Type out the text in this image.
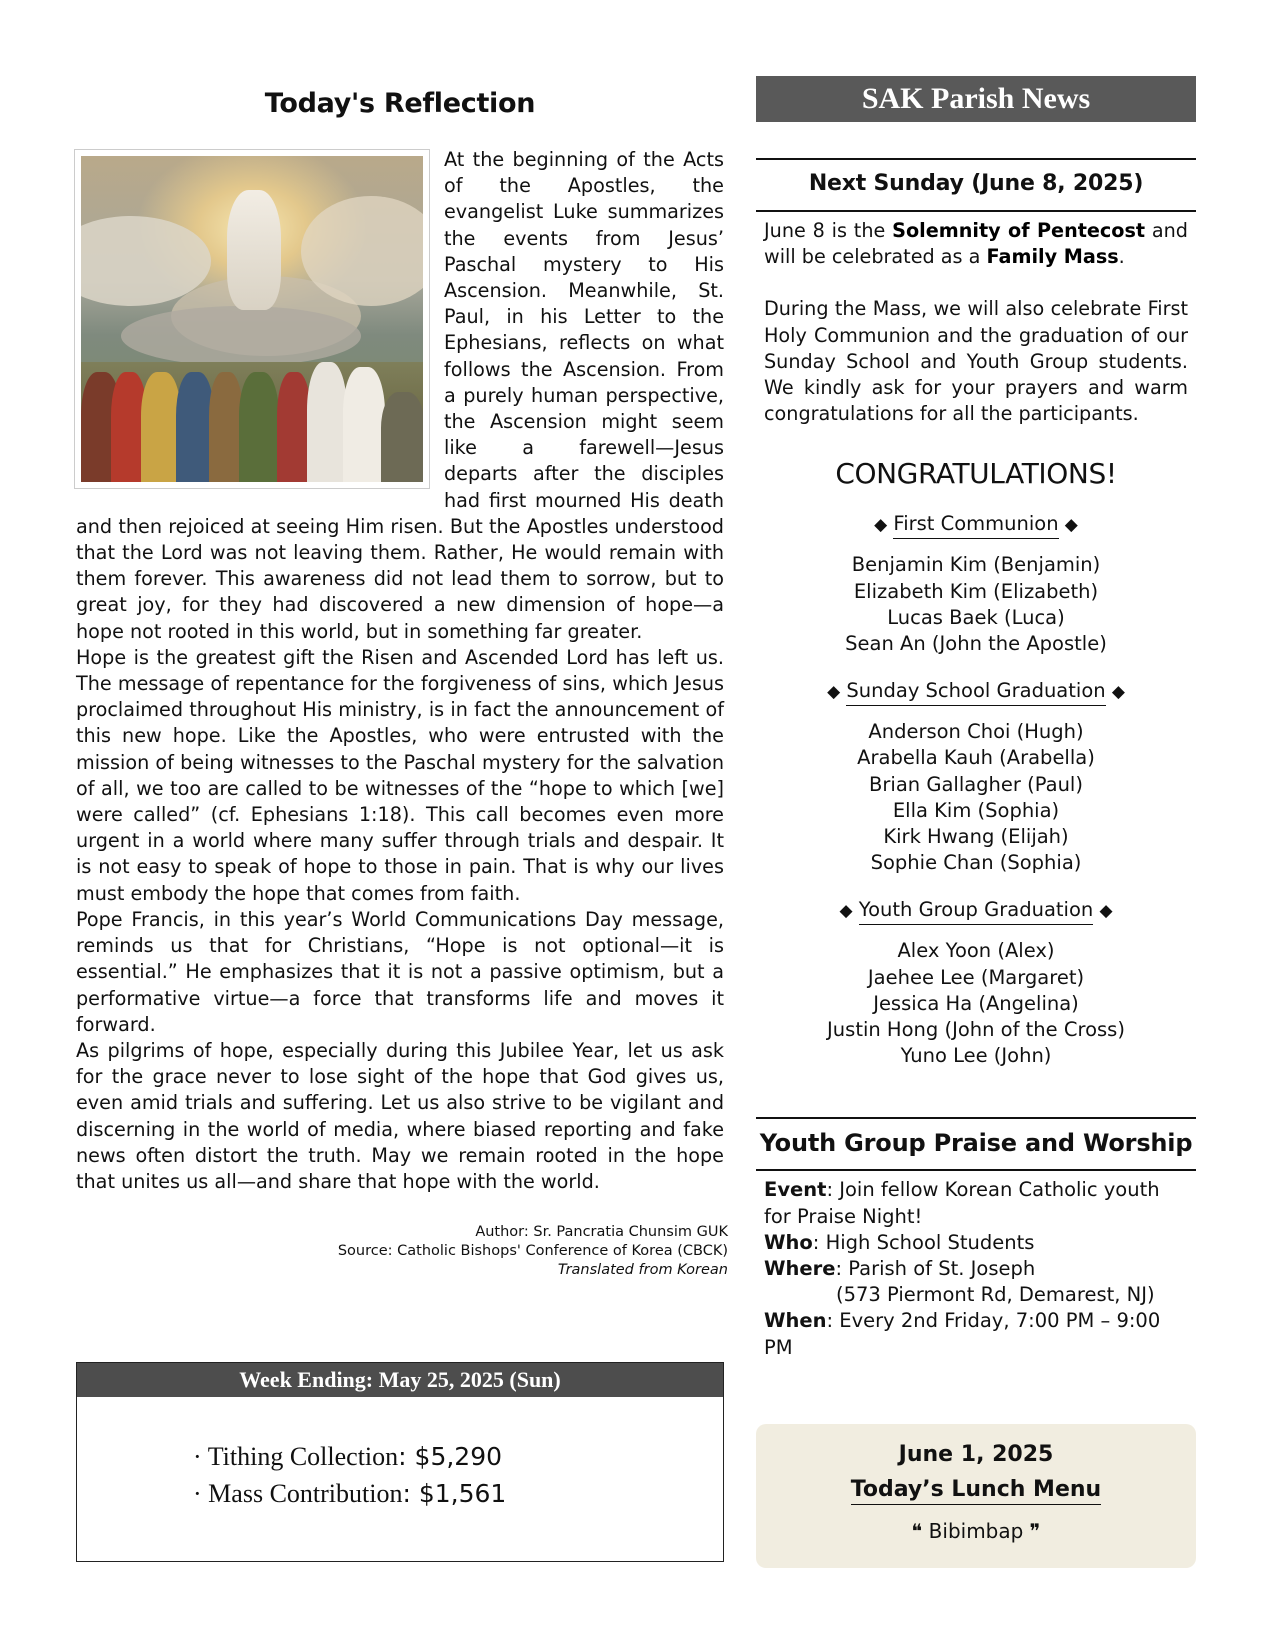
Today's Reflection

At the beginning of the Acts of the Apostles, the evangelist Luke summarizes the events from Jesus’ Paschal mystery to His Ascension. Meanwhile, St. Paul, in his Letter to the Ephesians, reflects on what follows the Ascension. From a purely human perspective, the Ascension might seem like a farewell—Jesus departs after the disciples had first mourned His death and then rejoiced at seeing Him risen. But the Apostles understood that the Lord was not leaving them. Rather, He would remain with them forever. This awareness did not lead them to sorrow, but to great joy, for they had discovered a new dimension of hope—a hope not rooted in this world, but in something far greater.

Hope is the greatest gift the Risen and Ascended Lord has left us. The message of repentance for the forgiveness of sins, which Jesus proclaimed throughout His ministry, is in fact the announcement of this new hope. Like the Apostles, who were entrusted with the mission of being witnesses to the Paschal mystery for the salvation of all, we too are called to be witnesses of the “hope to which [we] were called” (cf. Ephesians 1:18). This call becomes even more urgent in a world where many suffer through trials and despair. It is not easy to speak of hope to those in pain. That is why our lives must embody the hope that comes from faith.

Pope Francis, in this year’s World Communications Day message, reminds us that for Christians, “Hope is not optional—it is essential.” He emphasizes that it is not a passive optimism, but a performative virtue—a force that transforms life and moves it forward.

As pilgrims of hope, especially during this Jubilee Year, let us ask for the grace never to lose sight of the hope that God gives us, even amid trials and suffering. Let us also strive to be vigilant and discerning in the world of media, where biased reporting and fake news often distort the truth. May we remain rooted in the hope that unites us all—and share that hope with the world.

Author: Sr. Pancratia Chunsim GUK
Source: Catholic Bishops' Conference of Korea (CBCK)
Translated from Korean
Week Ending: May 25, 2025 (Sun)
· Tithing Collection: $5,290
· Mass Contribution: $1,561
SAK Parish News
Next Sunday (June 8, 2025)

June 8 is the Solemnity of Pentecost and will be celebrated as a Family Mass.

During the Mass, we will also celebrate First Holy Communion and the graduation of our Sunday School and Youth Group students. We kindly ask for your prayers and warm congratulations for all the participants.

CONGRATULATIONS!
◆ First Communion ◆
Benjamin Kim (Benjamin)
Elizabeth Kim (Elizabeth)
Lucas Baek (Luca)
Sean An (John the Apostle)
◆ Sunday School Graduation ◆
Anderson Choi (Hugh)
Arabella Kauh (Arabella)
Brian Gallagher (Paul)
Ella Kim (Sophia)
Kirk Hwang (Elijah)
Sophie Chan (Sophia)
◆ Youth Group Graduation ◆
Alex Yoon (Alex)
Jaehee Lee (Margaret)
Jessica Ha (Angelina)
Justin Hong (John of the Cross)
Yuno Lee (John)
Youth Group Praise and Worship
Event: Join fellow Korean Catholic youth for Praise Night!
Who: High School Students
Where: Parish of St. Joseph
(573 Piermont Rd, Demarest, NJ)
When: Every 2nd Friday, 7:00 PM – 9:00 PM
June 1, 2025
Today’s Lunch Menu
❝ Bibimbap ❞
